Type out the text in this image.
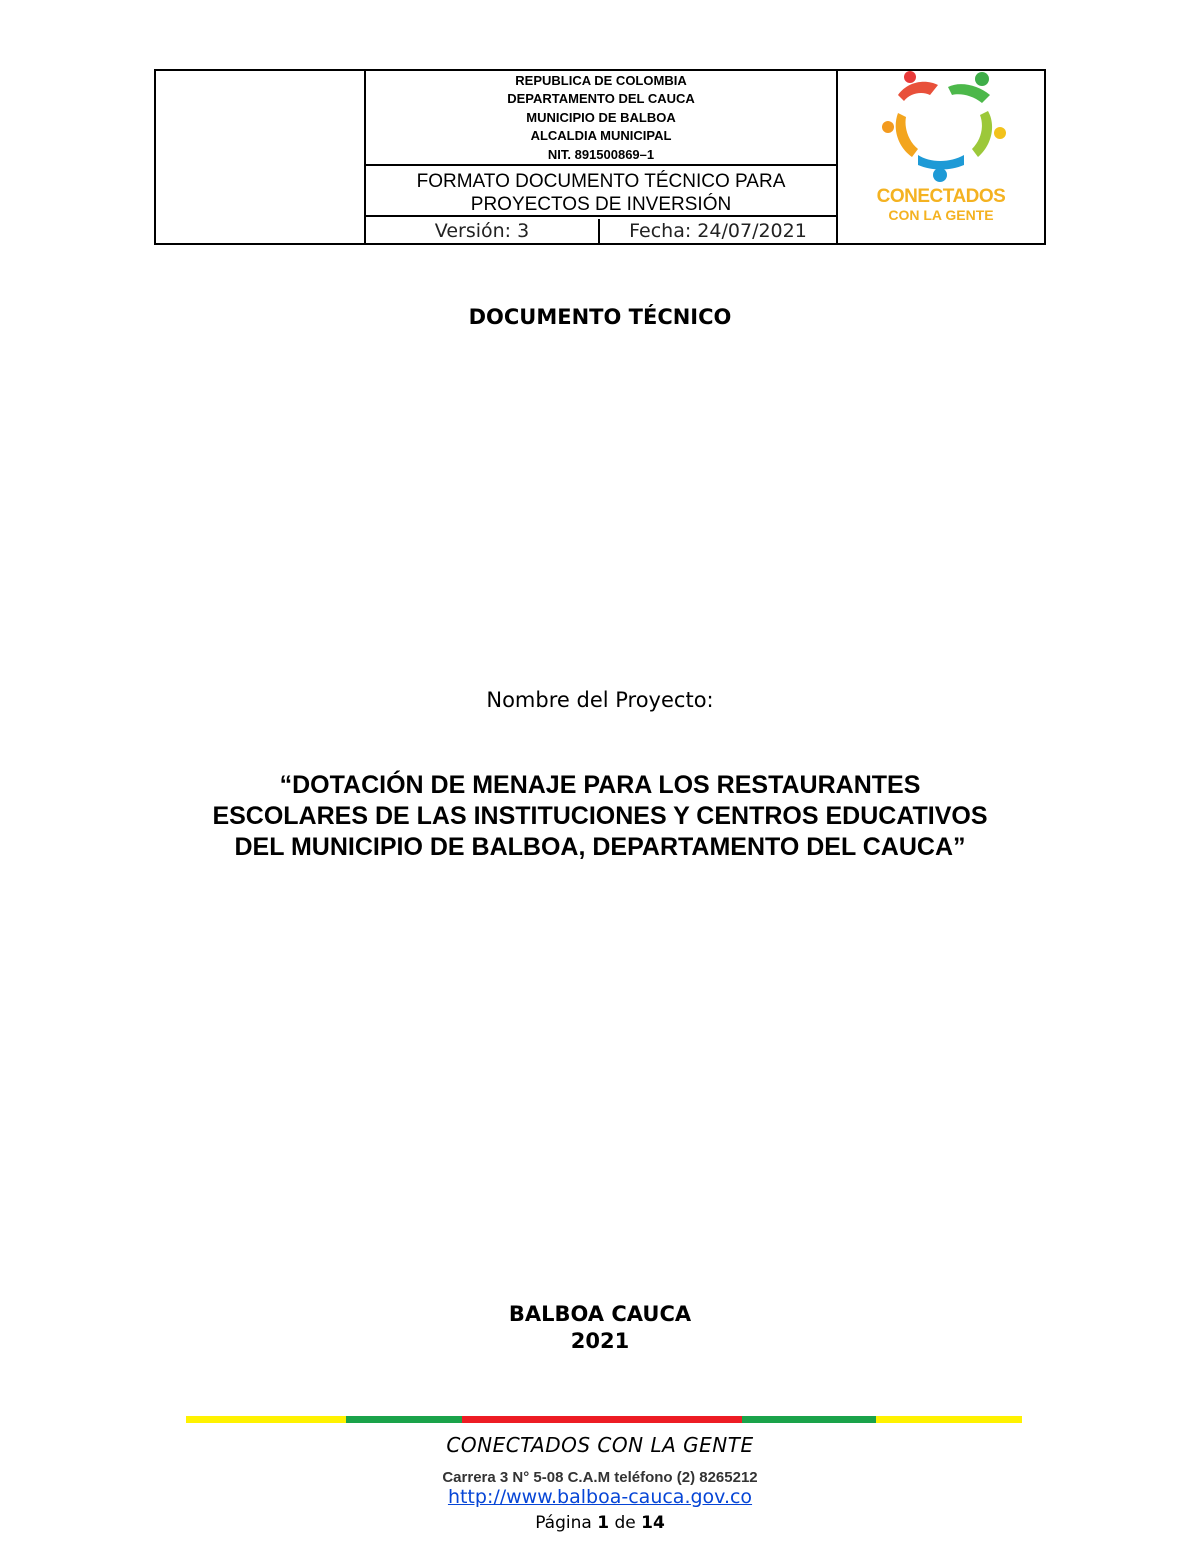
REPUBLICA DE COLOMBIA
DEPARTAMENTO DEL CAUCA
MUNICIPIO DE BALBOA
ALCALDIA MUNICIPAL
NIT. 891500869–1
FORMATO DOCUMENTO TÉCNICO PARA
PROYECTOS DE INVERSIÓN
Versión: 3	Fecha: 24/07/2021
CONECTADOS
CON LA GENTE
DOCUMENTO TÉCNICO
Nombre del Proyecto:
“DOTACIÓN DE MENAJE PARA LOS RESTAURANTES
ESCOLARES DE LAS INSTITUCIONES Y CENTROS EDUCATIVOS
DEL MUNICIPIO DE BALBOA, DEPARTAMENTO DEL CAUCA”
BALBOA CAUCA
2021
CONECTADOS CON LA GENTE
Carrera 3 N° 5-08 C.A.M teléfono (2) 8265212
http://www.balboa-cauca.gov.co
Página 1 de 14
